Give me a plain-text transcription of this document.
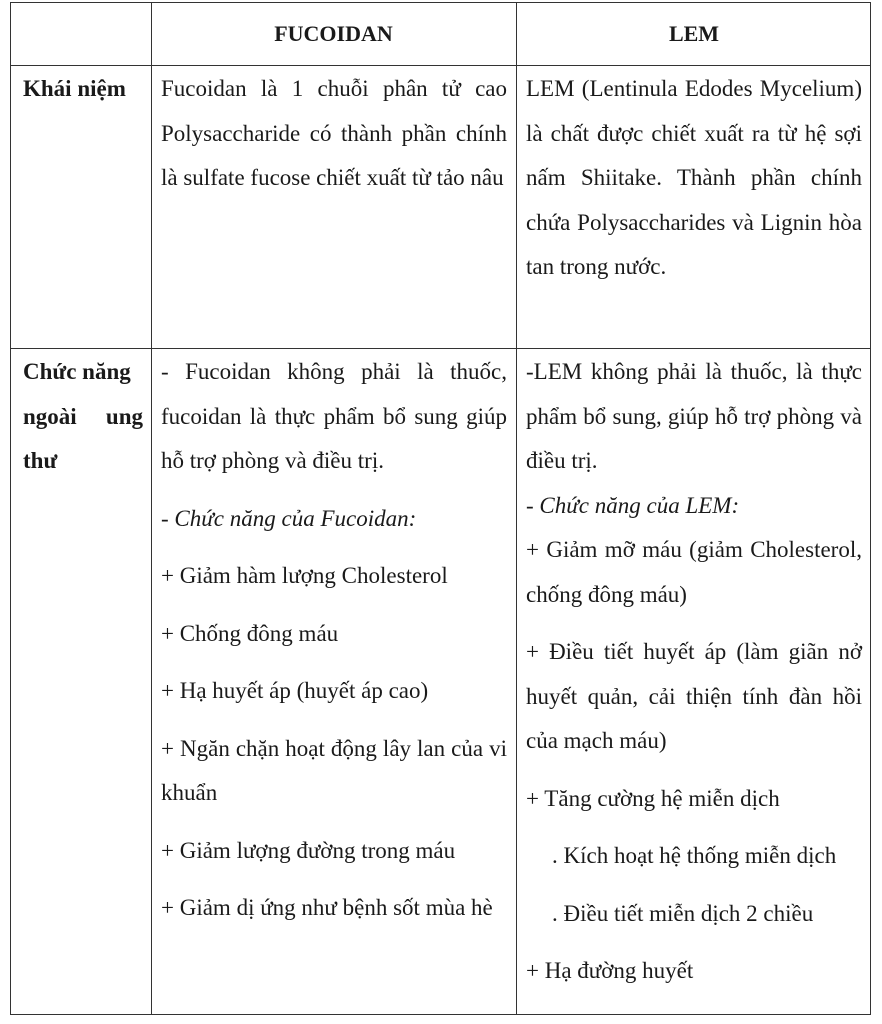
FUCOIDAN	LEM
Khái niệm	Fucoidan là 1 chuỗi phân tử cao Polysaccharide có thành phần chính là sulfate fucose chiết xuất từ tảo nâu
LEM (Lentinula Edodes Mycelium) là chất được chiết xuất ra từ hệ sợi nấm Shiitake. Thành phần chính chứa Polysaccharides và Lignin hòa tan trong nước.
Chức năng
ngoài ung
thư

- Fucoidan không phải là thuốc, fucoidan là thực phẩm bổ sung giúp hỗ trợ phòng và điều trị.

- Chức năng của Fucoidan:

+ Giảm hàm lượng Cholesterol

+ Chống đông máu

+ Hạ huyết áp (huyết áp cao)

+ Ngăn chặn hoạt động lây lan của vi khuẩn

+ Giảm lượng đường trong máu

+ Giảm dị ứng như bệnh sốt mùa hè

-LEM không phải là thuốc, là thực phẩm bổ sung, giúp hỗ trợ phòng và điều trị.

- Chức năng của LEM:

+ Giảm mỡ máu (giảm Cholesterol, chống đông máu)

+ Điều tiết huyết áp (làm giãn nở huyết quản, cải thiện tính đàn hồi của mạch máu)

+ Tăng cường hệ miễn dịch

. Kích hoạt hệ thống miễn dịch

. Điều tiết miễn dịch 2 chiều

+ Hạ đường huyết
